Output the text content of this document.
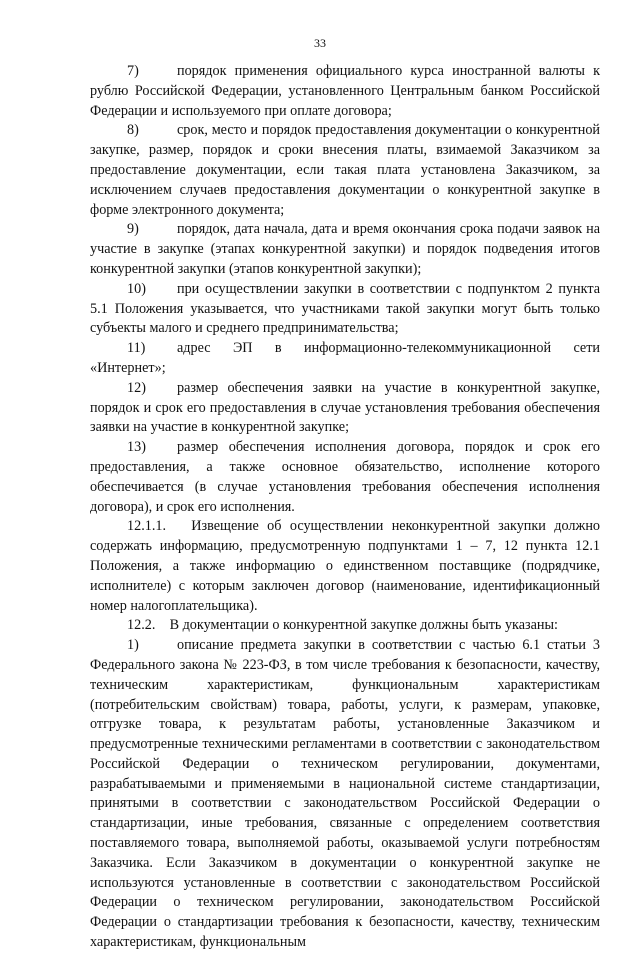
33

7)	порядок применения официального курса иностранной валюты к рублю Российской Федерации, установленного Центральным банком Российской Федерации и используемого при оплате договора;

8)	срок, место и порядок предоставления документации о конкурентной закупке, размер, порядок и сроки внесения платы, взимаемой Заказчиком за предоставление документации, если такая плата установлена Заказчиком, за исключением случаев предоставления документации о конкурентной закупке в форме электронного документа;

9)	порядок, дата начала, дата и время окончания срока подачи заявок на участие в закупке (этапах конкурентной закупки) и порядок подведения итогов конкурентной закупки (этапов конкурентной закупки);

10) при осуществлении закупки в соответствии с подпунктом 2 пункта 5.1 Положения указывается, что участниками такой закупки могут быть только субъекты малого и среднего предпринимательства;

11) адрес ЭП в информационно-телекоммуникационной сети «Интернет»;

12) размер обеспечения заявки на участие в конкурентной закупке, порядок и срок его предоставления в случае установления требования обеспечения заявки на участие в конкурентной закупке;

13) размер обеспечения исполнения договора, порядок и срок его предоставления, а также основное обязательство, исполнение которого обеспечивается (в случае установления требования обеспечения исполнения договора), и срок его исполнения.

12.1.1. Извещение об осуществлении неконкурентной закупки должно содержать информацию, предусмотренную подпунктами 1 – 7, 12 пункта 12.1 Положения, а также информацию о единственном поставщике (подрядчике, исполнителе) с которым заключен договор (наименование, идентификационный номер налогоплательщика).

12.2. В документации о конкурентной закупке должны быть указаны:

1)	описание предмета закупки в соответствии с частью 6.1 статьи 3 Федерального закона № 223-ФЗ, в том числе требования к безопасности, качеству, техническим характеристикам, функциональным характеристикам (потребительским свойствам) товара, работы, услуги, к размерам, упаковке, отгрузке товара, к результатам работы, установленные Заказчиком и предусмотренные техническими регламентами в соответствии с законодательством Российской Федерации о техническом регулировании, документами, разрабатываемыми и применяемыми в национальной системе стандартизации, принятыми в соответствии с законодательством Российской Федерации о стандартизации, иные требования, связанные с определением соответствия поставляемого товара, выполняемой работы, оказываемой услуги потребностям Заказчика. Если Заказчиком в документации о конкурентной закупке не используются установленные в соответствии с законодательством Российской Федерации о техническом регулировании, законодательством Российской Федерации о стандартизации требования к безопасности, качеству, техническим характеристикам, функциональным
